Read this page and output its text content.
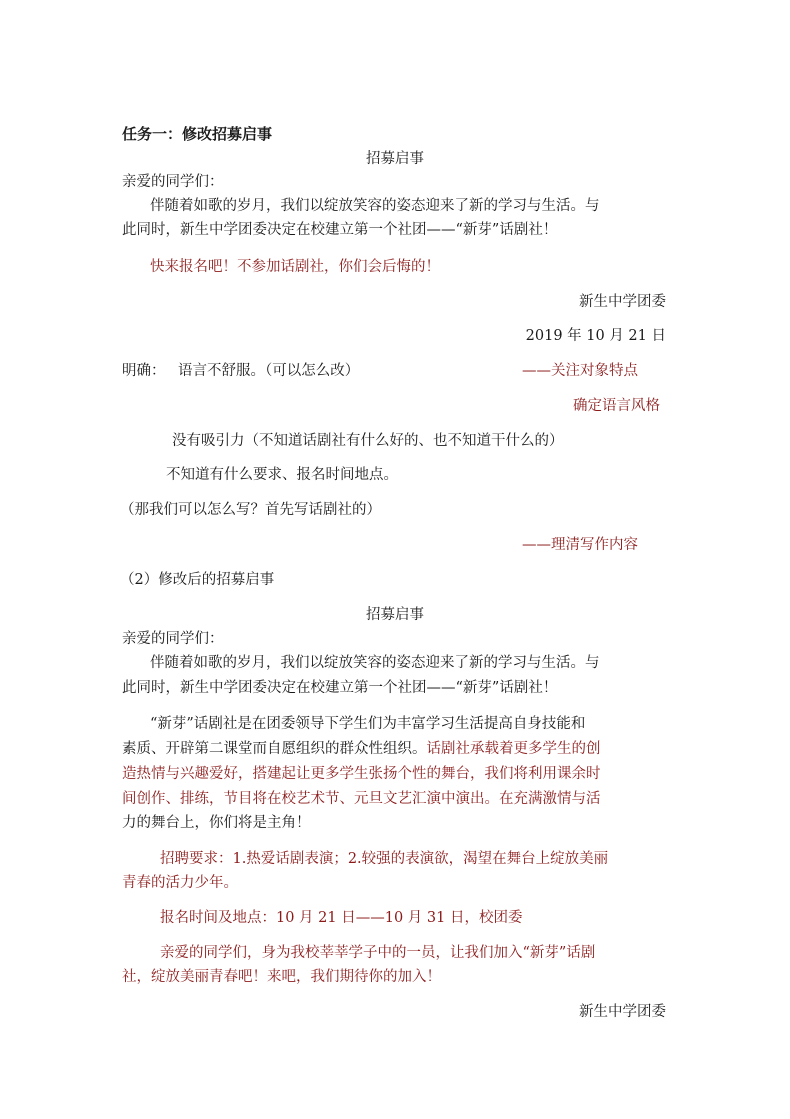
任务一：修改招募启事
招募启事
亲爱的同学们：
伴随着如歌的岁月，我们以绽放笑容的姿态迎来了新的学习与生活。与
此同时，新生中学团委决定在校建立第一个社团——“新芽”话剧社！
快来报名吧！不参加话剧社，你们会后悔的！
新生中学团委
2019 年 10 月 21 日
明确： 语言不舒服。（可以怎么改）	——关注对象特点
确定语言风格
没有吸引力（不知道话剧社有什么好的、也不知道干什么的）
不知道有什么要求、报名时间地点。
（那我们可以怎么写？首先写话剧社的）
——理清写作内容
（2）修改后的招募启事
招募启事
亲爱的同学们：
伴随着如歌的岁月，我们以绽放笑容的姿态迎来了新的学习与生活。与
此同时，新生中学团委决定在校建立第一个社团——“新芽”话剧社！
“新芽”话剧社是在团委领导下学生们为丰富学习生活提高自身技能和
素质、开辟第二课堂而自愿组织的群众性组织。话剧社承载着更多学生的创
造热情与兴趣爱好，搭建起让更多学生张扬个性的舞台，我们将利用课余时
间创作、排练，节目将在校艺术节、元旦文艺汇演中演出。在充满激情与活
力的舞台上，你们将是主角！
招聘要求：1.热爱话剧表演；2.较强的表演欲，渴望在舞台上绽放美丽
青春的活力少年。
报名时间及地点：10 月 21 日——10 月 31 日，校团委
亲爱的同学们，身为我校莘莘学子中的一员，让我们加入“新芽”话剧
社，绽放美丽青春吧！来吧，我们期待你的加入！
新生中学团委
